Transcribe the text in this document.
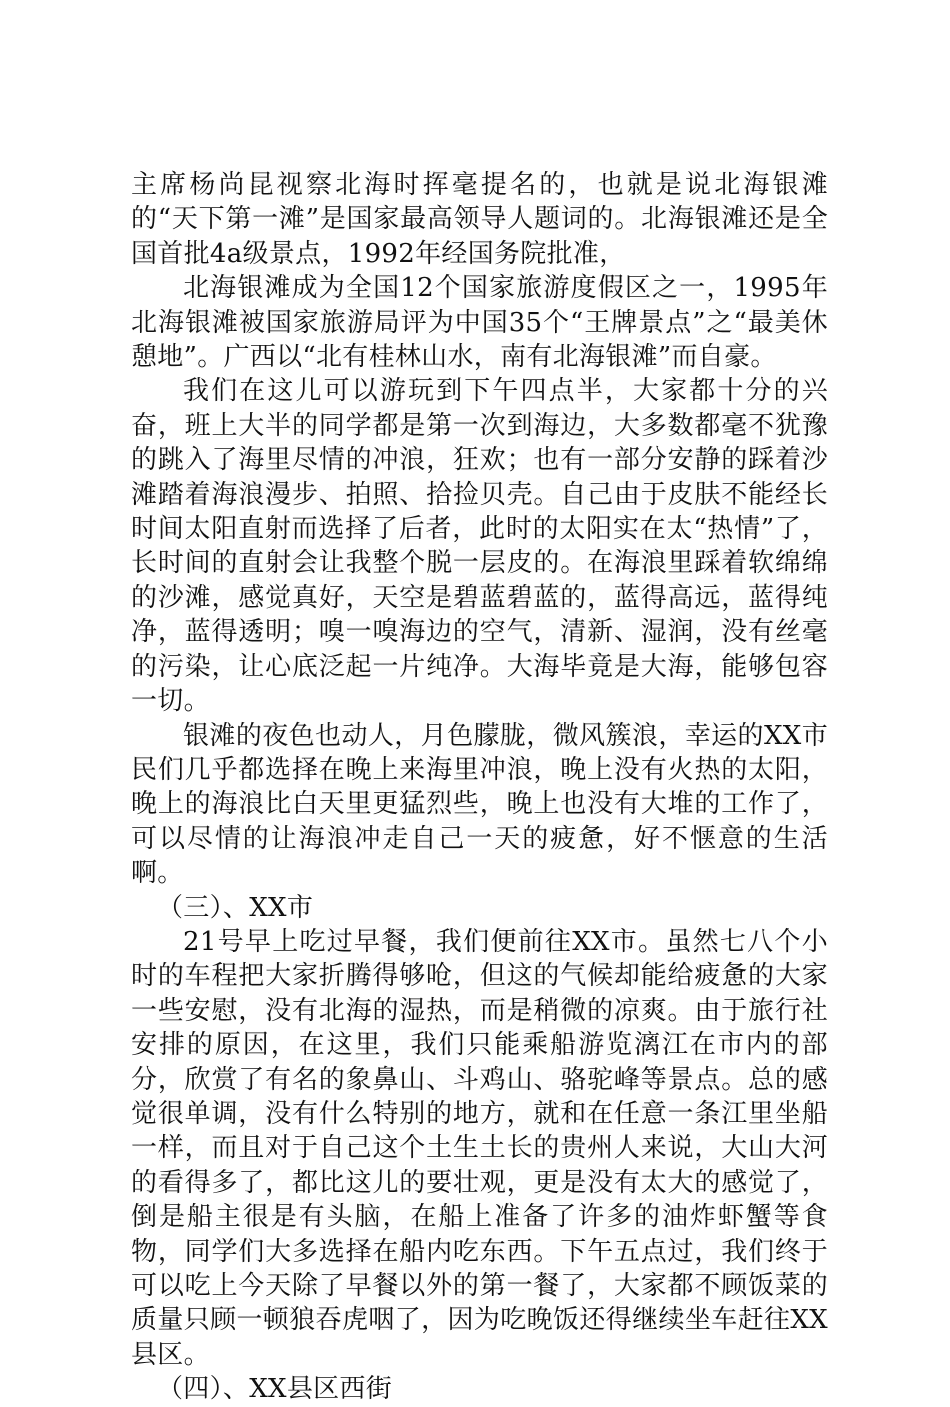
主席杨尚昆视察北海时挥毫提名的，也就是说北海银滩的“天下第一滩”是国家最高领导人题词的。北海银滩还是全国首批4a级景点，1992年经国务院批准，

北海银滩成为全国12个国家旅游度假区之一，1995年北海银滩被国家旅游局评为中国35个“王牌景点”之“最美休憩地”。广西以“北有桂林山水，南有北海银滩”而自豪。

我们在这儿可以游玩到下午四点半，大家都十分的兴奋，班上大半的同学都是第一次到海边，大多数都毫不犹豫的跳入了海里尽情的冲浪，狂欢；也有一部分安静的踩着沙滩踏着海浪漫步、拍照、拾捡贝壳。自己由于皮肤不能经长时间太阳直射而选择了后者，此时的太阳实在太“热情”了，长时间的直射会让我整个脱一层皮的。在海浪里踩着软绵绵的沙滩，感觉真好，天空是碧蓝碧蓝的，蓝得高远，蓝得纯净，蓝得透明；嗅一嗅海边的空气，清新、湿润，没有丝毫的污染，让心底泛起一片纯净。大海毕竟是大海，能够包容一切。

银滩的夜色也动人，月色朦胧，微风簇浪，幸运的XX市民们几乎都选择在晚上来海里冲浪，晚上没有火热的太阳，晚上的海浪比白天里更猛烈些，晚上也没有大堆的工作了，可以尽情的让海浪冲走自己一天的疲惫，好不惬意的生活啊。

（三）、XX市

21号早上吃过早餐，我们便前往XX市。虽然七八个小时的车程把大家折腾得够呛，但这的气候却能给疲惫的大家一些安慰，没有北海的湿热，而是稍微的凉爽。由于旅行社安排的原因，在这里，我们只能乘船游览漓江在市内的部分，欣赏了有名的象鼻山、斗鸡山、骆驼峰等景点。总的感觉很单调，没有什么特别的地方，就和在任意一条江里坐船一样，而且对于自己这个土生土长的贵州人来说，大山大河的看得多了，都比这儿的要壮观，更是没有太大的感觉了，倒是船主很是有头脑，在船上准备了许多的油炸虾蟹等食物，同学们大多选择在船内吃东西。下午五点过，我们终于可以吃上今天除了早餐以外的第一餐了，大家都不顾饭菜的质量只顾一顿狼吞虎咽了，因为吃晚饭还得继续坐车赶往XX县区。

（四）、XX县区西街
